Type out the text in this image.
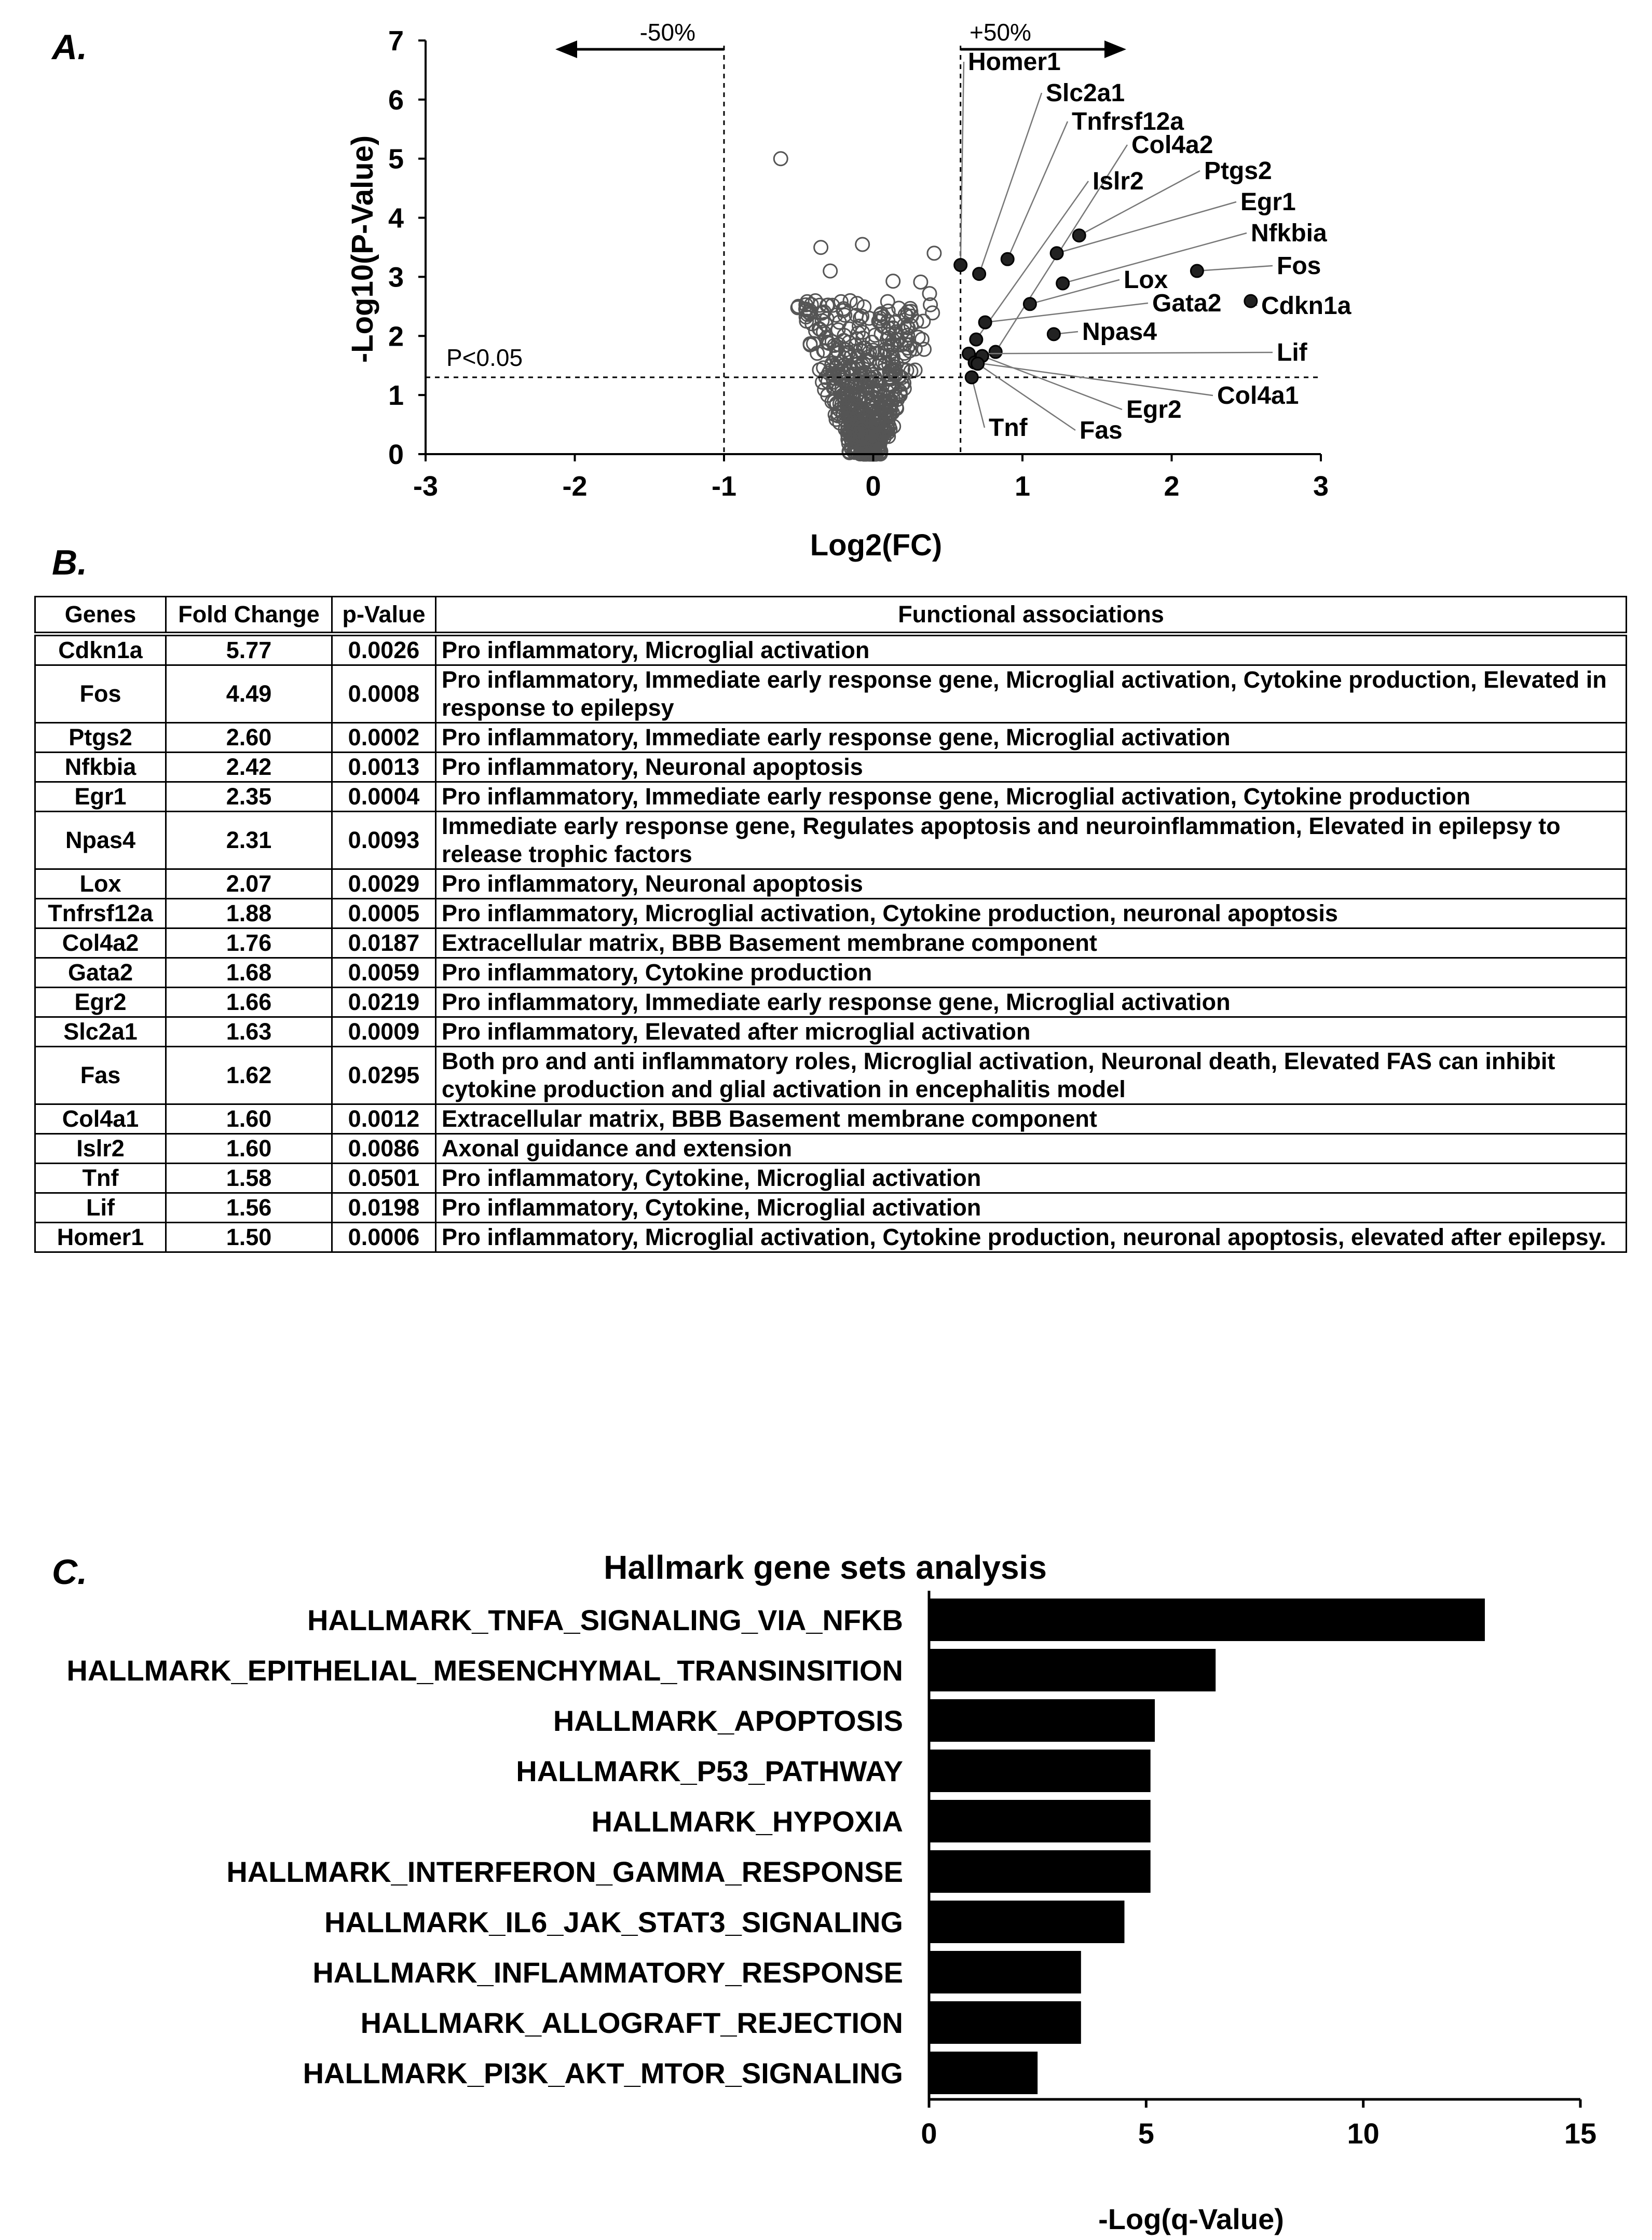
A.
B.
C.
-3	-2	-1	0	1	2	3
0
1
2
3
4
5
6
7
Homer1
Slc2a1
Tnfrsf12a
Col4a2
Islr2 Ptgs2
Egr1
Nfkbia
Fos
Lox
Gata2 Cdkn1a
Npas4
Lif
Col4a1
Egr2
Fas
Tnf
Log2(FC)
-Log10(P-Value)	P<0.05
-50%	+50%
Genes	Fold Change	p-Value	Functional associations
Cdkn1a	5.77	0.0026	Pro inflammatory, Microglial activation
Fos	4.49	0.0008	Pro inflammatory, Immediate early response gene, Microglial activation, Cytokine production, Elevated in response to epilepsy
Ptgs2	2.60	0.0002	Pro inflammatory, Immediate early response gene, Microglial activation
Nfkbia	2.42	0.0013	Pro inflammatory, Neuronal apoptosis
Egr1	2.35	0.0004	Pro inflammatory, Immediate early response gene, Microglial activation, Cytokine production
Npas4	2.31	0.0093	Immediate early response gene, Regulates apoptosis and neuroinflammation, Elevated in epilepsy to release trophic factors
Lox	2.07	0.0029	Pro inflammatory, Neuronal apoptosis
Tnfrsf12a	1.88	0.0005	Pro inflammatory, Microglial activation, Cytokine production, neuronal apoptosis
Col4a2	1.76	0.0187	Extracellular matrix, BBB Basement membrane component
Gata2	1.68	0.0059	Pro inflammatory, Cytokine production
Egr2	1.66	0.0219	Pro inflammatory, Immediate early response gene, Microglial activation
Slc2a1	1.63	0.0009	Pro inflammatory, Elevated after microglial activation
Fas	1.62	0.0295	Both pro and anti inflammatory roles, Microglial activation, Neuronal death, Elevated FAS can inhibit cytokine production and glial activation in encephalitis model
Col4a1	1.60	0.0012	Extracellular matrix, BBB Basement membrane component
Islr2	1.60	0.0086	Axonal guidance and extension
Tnf	1.58	0.0501	Pro inflammatory, Cytokine, Microglial activation
Lif	1.56	0.0198	Pro inflammatory, Cytokine, Microglial activation
Homer1	1.50	0.0006	Pro inflammatory, Microglial activation, Cytokine production, neuronal apoptosis, elevated after epilepsy.
Hallmark gene sets analysis
HALLMARK_TNFA_SIGNALING_VIA_NFKB
HALLMARK_EPITHELIAL_MESENCHYMAL_TRANSINSITION
HALLMARK_APOPTOSIS
HALLMARK_P53_PATHWAY
HALLMARK_HYPOXIA
HALLMARK_INTERFERON_GAMMA_RESPONSE
HALLMARK_IL6_JAK_STAT3_SIGNALING
HALLMARK_INFLAMMATORY_RESPONSE
HALLMARK_ALLOGRAFT_REJECTION
HALLMARK_PI3K_AKT_MTOR_SIGNALING
0	5	10	15
-Log(q-Value)
